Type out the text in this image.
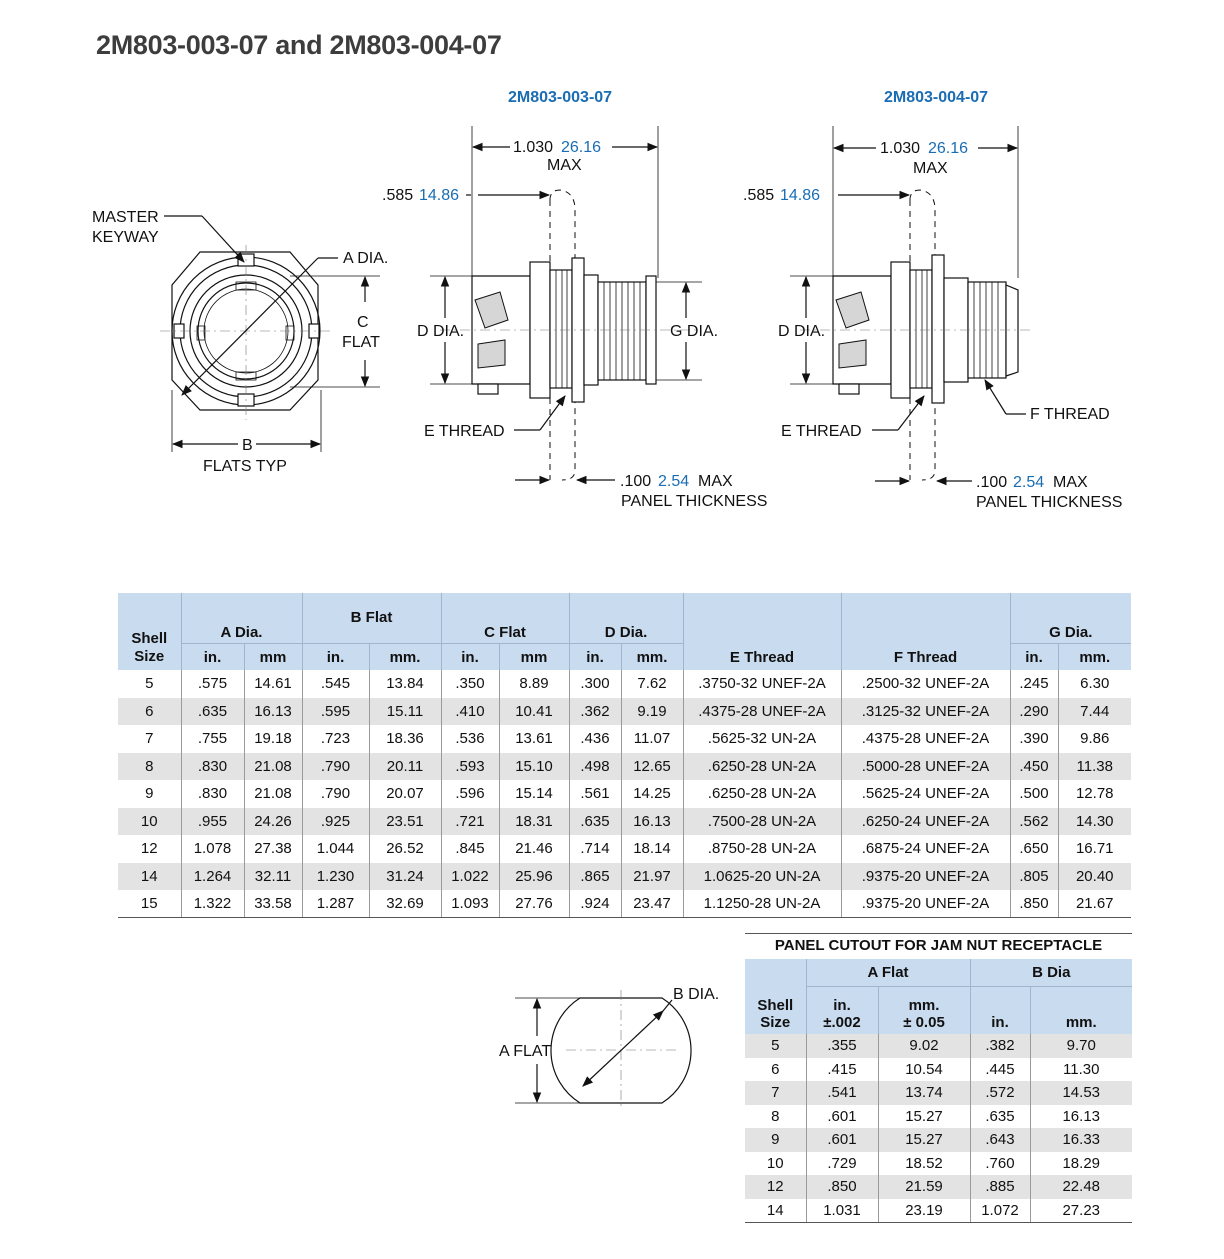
2M803-003-07 and 2M803-004-07
A DIA.
MASTER
KEYWAY
C
FLAT
B
FLATS TYP
2M803-003-07
1.030 26.16
MAX
.585 14.86
D DIA.	G DIA.
E THREAD
.100 2.54 MAX
PANEL THICKNESS
2M803-004-07
1.030 26.16
MAX
.585 14.86
D DIA.
E THREAD
F THREAD
.100 2.54 MAX
PANEL THICKNESS
Shell
Size	A Dia.		B Flat		C Flat		D Dia.		E Thread	F Thread	G Dia.	
	in.	mm	in.	mm.	in.	mm	in.	mm.			in.	mm.
5	.575	14.61	.545	13.84	.350	8.89	.300	7.62	.3750-32 UNEF-2A	.2500-32 UNEF-2A	.245	6.30
6	.635	16.13	.595	15.11	.410	10.41	.362	9.19	.4375-28 UNEF-2A	.3125-32 UNEF-2A	.290	7.44
7	.755	19.18	.723	18.36	.536	13.61	.436	11.07	.5625-32 UN-2A	.4375-28 UNEF-2A	.390	9.86
8	.830	21.08	.790	20.11	.593	15.10	.498	12.65	.6250-28 UN-2A	.5000-28 UNEF-2A	.450	11.38
9	.830	21.08	.790	20.07	.596	15.14	.561	14.25	.6250-28 UN-2A	.5625-24 UNEF-2A	.500	12.78
10	.955	24.26	.925	23.51	.721	18.31	.635	16.13	.7500-28 UN-2A	.6250-24 UNEF-2A	.562	14.30
12	1.078	27.38	1.044	26.52	.845	21.46	.714	18.14	.8750-28 UN-2A	.6875-24 UNEF-2A	.650	16.71
14	1.264	32.11	1.230	31.24	1.022	25.96	.865	21.97	1.0625-20 UN-2A	.9375-20 UNEF-2A	.805	20.40
15	1.322	33.58	1.287	32.69	1.093	27.76	.924	23.47	1.1250-28 UN-2A	.9375-20 UNEF-2A	.850	21.67
A FLAT
B DIA.
PANEL CUTOUT FOR JAM NUT RECEPTACLE
Shell
Size	A Flat		B Dia	
	in.
±.002	mm.
± 0.05	in.	mm.
5	.355	9.02	.382	9.70
6	.415	10.54	.445	11.30
7	.541	13.74	.572	14.53
8	.601	15.27	.635	16.13
9	.601	15.27	.643	16.33
10	.729	18.52	.760	18.29
12	.850	21.59	.885	22.48
14	1.031	23.19	1.072	27.23
